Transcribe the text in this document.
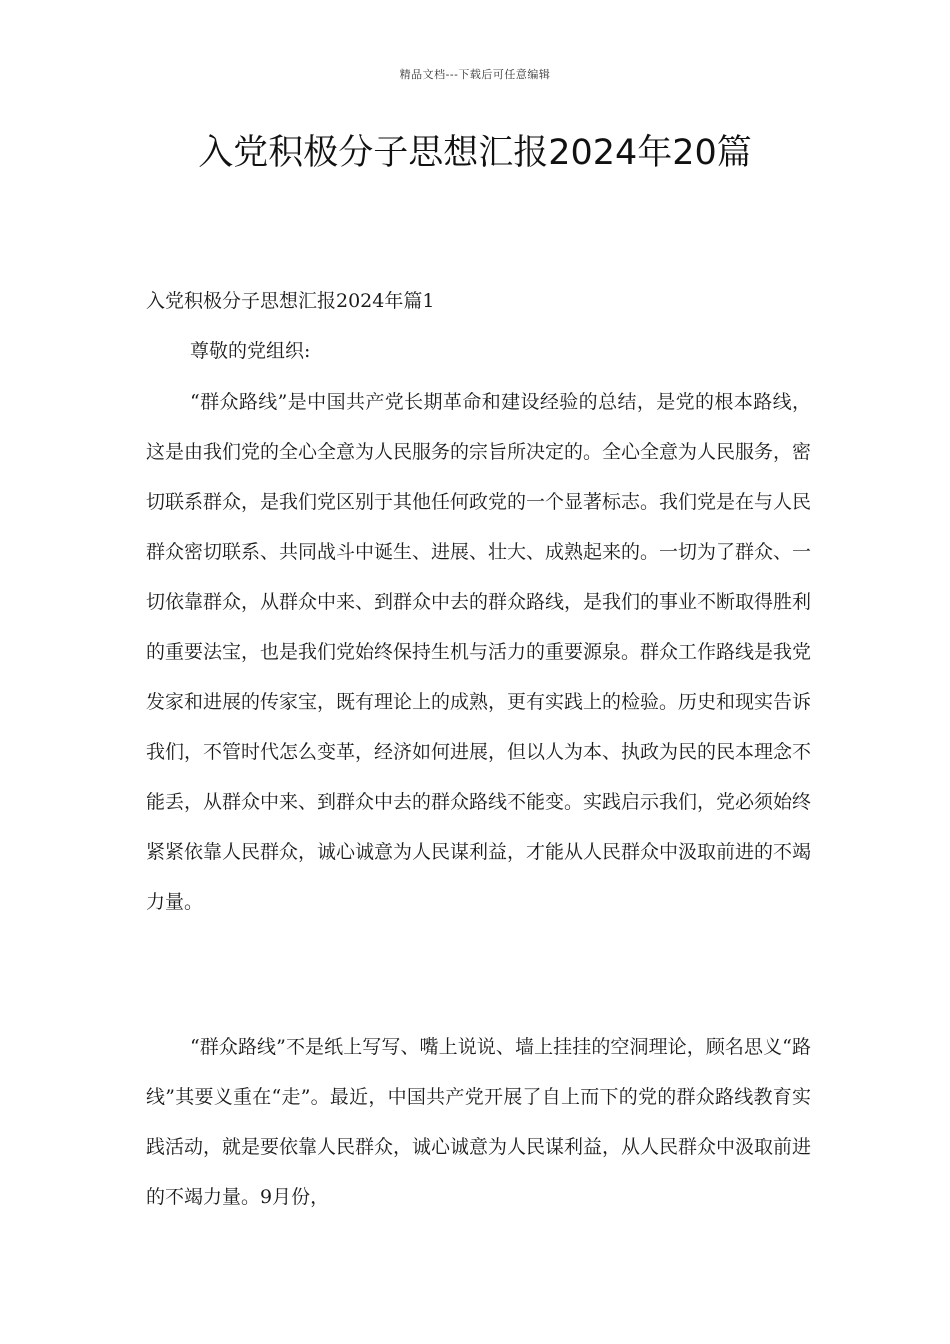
精品文档---下载后可任意编辑
入党积极分子思想汇报2024年20篇
入党积极分子思想汇报2024年篇1
尊敬的党组织:

“群众路线”是中国共产党长期革命和建设经验的总结，是党的根本路线，这是由我们党的全心全意为人民服务的宗旨所决定的。全心全意为人民服务，密切联系群众，是我们党区别于其他任何政党的一个显著标志。我们党是在与人民群众密切联系、共同战斗中诞生、进展、壮大、成熟起来的。一切为了群众、一切依靠群众，从群众中来、到群众中去的群众路线，是我们的事业不断取得胜利的重要法宝，也是我们党始终保持生机与活力的重要源泉。群众工作路线是我党发家和进展的传家宝，既有理论上的成熟，更有实践上的检验。历史和现实告诉我们，不管时代怎么变革，经济如何进展，但以人为本、执政为民的民本理念不能丢，从群众中来、到群众中去的群众路线不能变。实践启示我们，党必须始终紧紧依靠人民群众，诚心诚意为人民谋利益，才能从人民群众中汲取前进的不竭力量。

“群众路线”不是纸上写写、嘴上说说、墙上挂挂的空洞理论，顾名思义“路线”其要义重在“走”。最近，中国共产党开展了自上而下的党的群众路线教育实践活动，就是要依靠人民群众，诚心诚意为人民谋利益，从人民群众中汲取前进的不竭力量。9月份，
